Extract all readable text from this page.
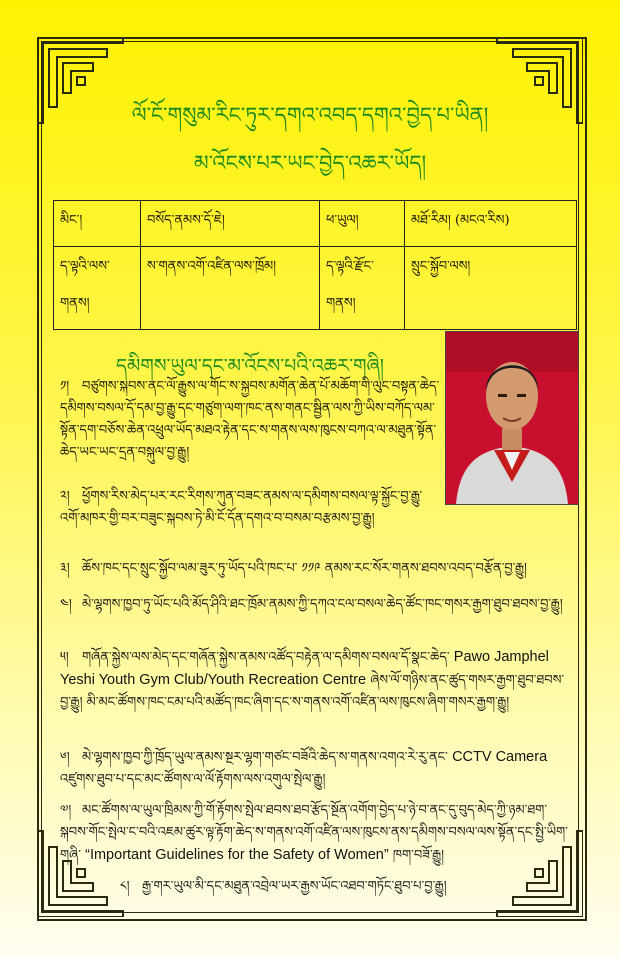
ལོ་ངོ་གསུམ་རིང་ཏུར་དགའ་འབད་དགའ་བྱེད་པ་ཡིན།
མ་འོངས་པར་ཡང་བྱེད་འཆར་ཡོད།
མིང་།	བསོད་ནམས་དོ་ཇེ།	ཕ་ཡུལ།	མཐོ་རིམ། (མངའ་རིས)
ད་ལྟའི་ལས་གནས།	ས་གནས་འགོ་འཛིན་ལས་ཁྲོམ།	ད་ལྟའི་རྫོང་གནས།	སྲུང་སྐྱོབ་ལས།
དམིགས་ཡུལ་དང་མ་འོངས་པའི་འཆར་གཞི།
༡། བཙུགས་སྐབས་ནང་ལོ་རྒྱུས་ལ་གོང་ས་སྐྱབས་མགོན་ཆེན་པོ་མཆོག་གི་ལུང་བསྟན་ཆེད་དམིགས་བསལ་དོ་དམ་བྱ་རྒྱུ་དང་གཙུག་ལག་ཁང་ནས་གནང་སྦྱིན་ལས་ཀྱི་ཡིས་བཀོད་ལམ་སྟོན་དག་བཅོས་ཆེན་འཕྲུལ་ཡོད་མཐའ་རྟེན་དང་ས་གནས་ལས་ཁུངས་བཀའ་ལ་མཐུན་སྟོན་ཆེད་ཡང་ཡང་དྲན་བསྐུལ་བྱ་རྒྱུ།
༢། ཕྱོགས་རིས་མེད་པར་རང་རིགས་ཀུན་བཟང་ནམས་ལ་དམིགས་བསལ་ལྟ་སྐྱོང་བྱ་རྒྱུ་འགོ་མཁར་གྱི་བར་བཟུང་སྐབས་ཏེ་མི་ངོ་དོན་དགའ་བ་བསམ་བརྩམས་བྱ་རྒྱུ།
༣། ཆོས་ཁང་དང་སྲུང་སྐྱོབ་ལམ་ཟུར་ཏུ་ཡོད་པའི་ཁང་པ་ ༡༡༩ ནམས་རང་སོར་གནས་ཐབས་འབད་བརྩོན་བྱ་རྒྱུ།
༤། མེ་ལྷགས་ཁྱབ་ཏུ་ཡོང་པའི་མོད་ཤིའི་ཐང་ཁྲོམ་ནམས་ཀྱི་དཀའ་ངལ་བསལ་ཆེད་ཚོང་ཁང་གསར་རྒྱག་ཐུབ་ཐབས་བྱ་རྒྱུ།
༥། གཞོན་སྐྱེས་ལས་མེད་དང་གཞོན་སྐྱེས་ནམས་འཚོད་བརྟེན་ལ་དམིགས་བསལ་དོ་སྣང་ཆེད་ Pawo Jamphel Yeshi Youth Gym Club/Youth Recreation Centre ཞེས་ལོ་གཉིས་ནང་ཚུད་གསར་རྒྱག་ཐུབ་ཐབས་བྱ་རྒྱུ། མི་མང་ཚོགས་ཁང་ངམ་པའི་མཚོད་ཁང་ཞིག་དང་ས་གནས་འགོ་འཛིན་ལས་ཁུངས་ཞིག་གསར་རྒྱག་རྒྱུ།
༦། མེ་ལྷགས་ཁྱབ་ཀྱི་ཁྲོད་ཡུལ་ནམས་སྔར་ལྷག་གཙང་བཟོའི་ཆེད་ས་གནས་འགའ་རེ་རུ་ནང་ CCTV Camera འཛུགས་ཐུབ་པ་དང་མང་ཚོགས་ལ་ལོ་རྟོགས་ལས་འགུལ་སྤེལ་རྒྱུ།
༧། མང་ཚོགས་ལ་ཡུལ་ཁྲིམས་ཀྱི་གོ་རྟོགས་སྤེལ་ཐབས་ཐབ་རྩོད་སྔོན་འགོག་བྱེད་པ་ཉེ་བ་ནང་དུ་བུད་མེད་ཀྱི་ཉམ་ཐག་སྐབས་གོང་སྤེལ་ང་བའི་འཇམ་ཚུར་ལྟ་རྟོག་ཆེད་ས་གནས་འགོ་འཛིན་ལས་ཁུངས་ནས་དམིགས་བསལ་ལས་སྟོན་དང་སྤྱི་ཡིག་གཞི་ “Important Guidelines for the Safety of Women” ཁག་བཟོ་རྒྱུ།
༨། རྒྱ་གར་ཡུལ་མི་དང་མཐུན་འབྲེལ་ཡར་རྒྱས་ཡོང་འཐབ་གཏོང་ཐུབ་པ་བྱ་རྒྱུ།
